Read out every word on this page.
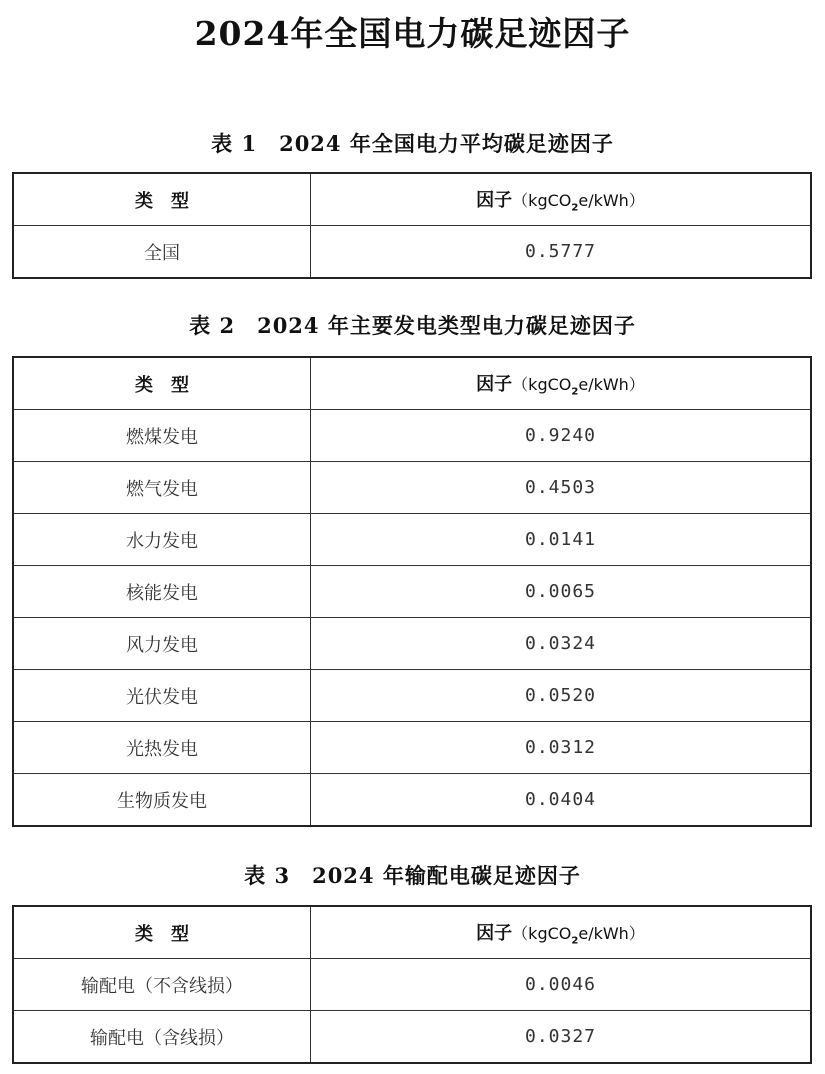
2024年全国电力碳足迹因子
表 1　2024 年全国电力平均碳足迹因子
类　型	因子（kgCO$_2$e/kWh）
全国	0.5777
表 2　2024 年主要发电类型电力碳足迹因子
类　型	因子（kgCO$_2$e/kWh）
燃煤发电	0.9240
燃气发电	0.4503
水力发电	0.0141
核能发电	0.0065
风力发电	0.0324
光伏发电	0.0520
光热发电	0.0312
生物质发电	0.0404
表 3　2024 年输配电碳足迹因子
类　型	因子（kgCO$_2$e/kWh）
输配电（不含线损）	0.0046
输配电（含线损）	0.0327
